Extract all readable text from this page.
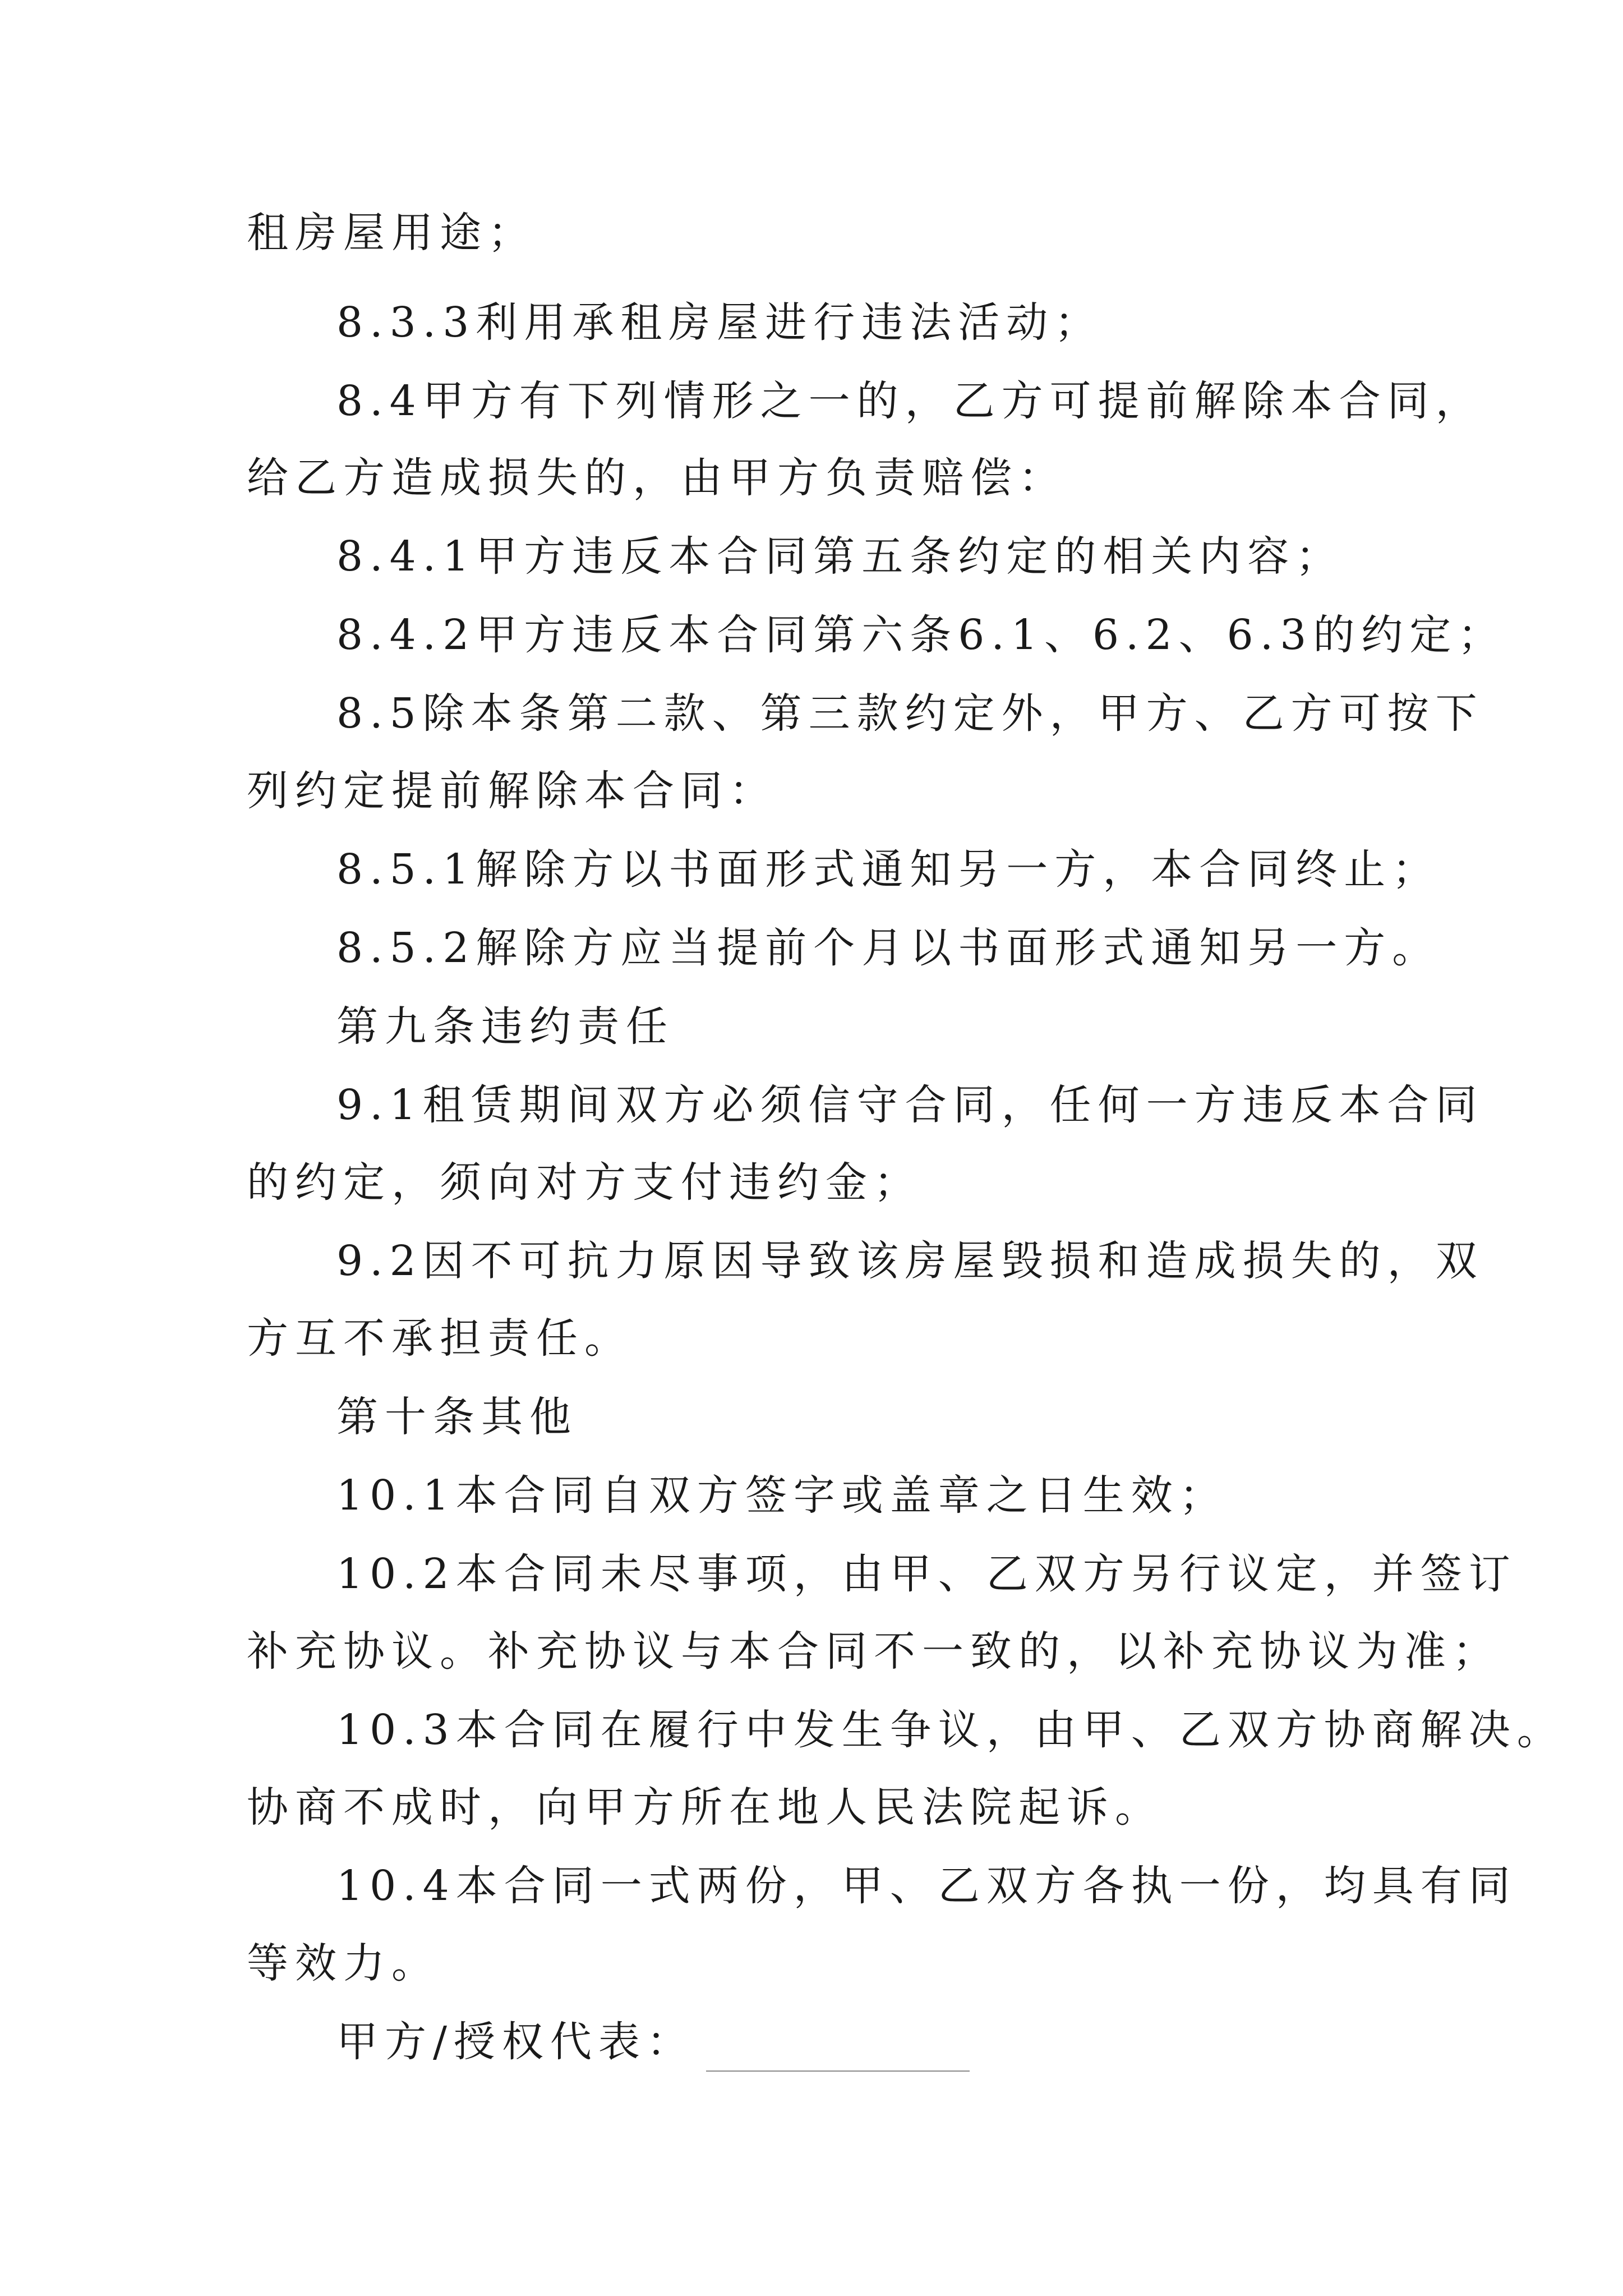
租房屋用途；
8.3.3利用承租房屋进行违法活动；
8.4甲方有下列情形之一的，乙方可提前解除本合同，
给乙方造成损失的，由甲方负责赔偿：
8.4.1甲方违反本合同第五条约定的相关内容；
8.4.2甲方违反本合同第六条6.1、6.2、6.3的约定；
8.5除本条第二款、第三款约定外，甲方、乙方可按下
列约定提前解除本合同：
8.5.1解除方以书面形式通知另一方，本合同终止；
8.5.2解除方应当提前个月以书面形式通知另一方。
第九条违约责任
9.1租赁期间双方必须信守合同，任何一方违反本合同
的约定，须向对方支付违约金；
9.2因不可抗力原因导致该房屋毁损和造成损失的，双
方互不承担责任。
第十条其他
10.1本合同自双方签字或盖章之日生效；
10.2本合同未尽事项，由甲、乙双方另行议定，并签订
补充协议。补充协议与本合同不一致的，以补充协议为准；
10.3本合同在履行中发生争议，由甲、乙双方协商解决。
协商不成时，向甲方所在地人民法院起诉。
10.4本合同一式两份，甲、乙双方各执一份，均具有同
等效力。
甲方/授权代表：
